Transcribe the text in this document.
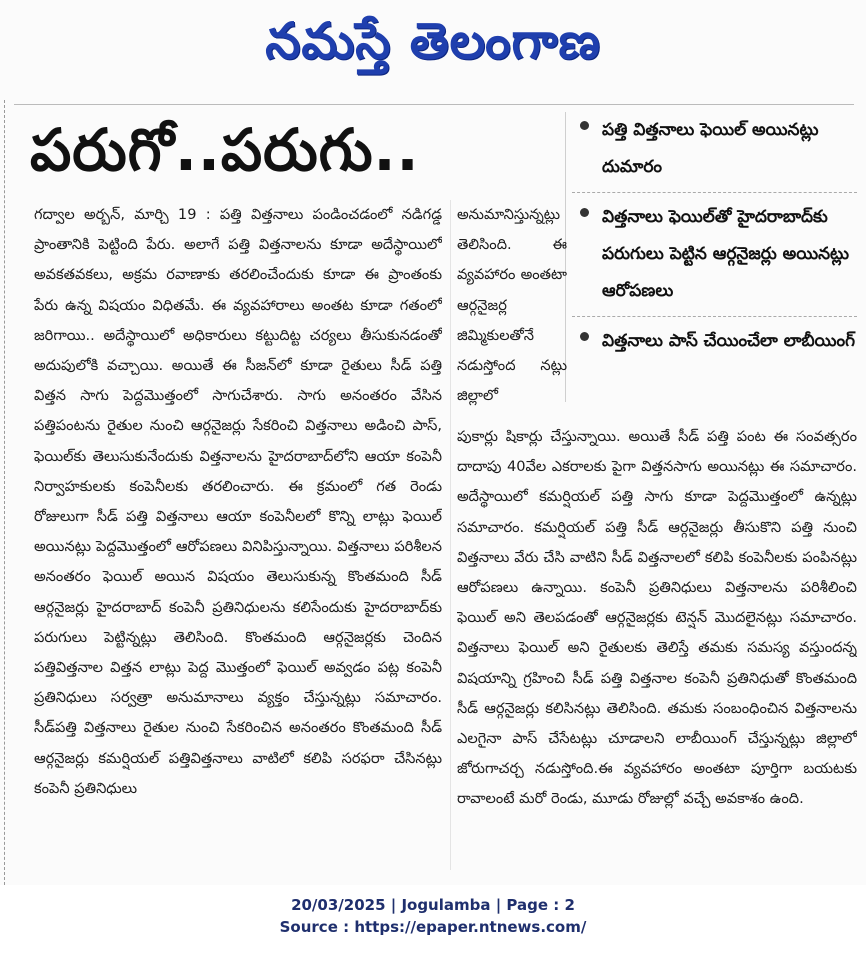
నమస్తే తెలంగాణ
పరుగో..పరుగు..	పత్తి విత్తనాలు ఫెయిల్ అయినట్లు దుమారం
విత్తనాలు ఫెయిల్‌తో హైదరాబాద్‌కు పరుగులు పెట్టిన ఆర్గనైజర్లు అయినట్లు ఆరోపణలు
విత్తనాలు పాస్ చేయించేలా లాబీయింగ్
గద్వాల అర్బన్, మార్చి 19 : పత్తి విత్తనాలు పండించడంలో నడిగడ్డ ప్రాంతానికి పెట్టింది పేరు. అలాగే పత్తి విత్తనాలను కూడా అదేస్థాయిలో అవకతవకలు, అక్రమ రవాణాకు తరలించేందుకు కూడా ఈ ప్రాంతంకు పేరు ఉన్న విషయం విధితమే. ఈ వ్యవహారాలు అంతట కూడా గతంలో జరిగాయి.. అదేస్థాయిలో అధికారులు కట్టుదిట్ట చర్యలు తీసుకునడంతో అదుపులోకి వచ్చాయి. అయితే ఈ సీజన్‌లో కూడా రైతులు సీడ్ పత్తి విత్తన సాగు పెద్దమొత్తంలో సాగుచేశారు. సాగు అనంతరం వేసిన పత్తిపంటను రైతుల నుంచి ఆర్గనైజర్లు సేకరించి విత్తనాలు అడించి పాస్, ఫెయిల్‌కు తెలుసుకునేందుకు విత్తనాలను హైదరాబాద్‌లోని ఆయా కంపెనీ నిర్వాహకులకు కంపెనీలకు తరలించారు. ఈ క్రమంలో గత రెండు రోజులుగా సీడ్ పత్తి విత్తనాలు ఆయా కంపెనీలలో కొన్ని లాట్లు ఫెయిల్ అయినట్లు పెద్దమొత్తంలో ఆరోపణలు వినిపిస్తున్నాయి. విత్తనాలు పరిశీలన అనంతరం ఫెయిల్ అయిన విషయం తెలుసుకున్న కొంతమంది సీడ్ ఆర్గనైజర్లు హైదరాబాద్ కంపెనీ ప్రతినిధులను కలిసేందుకు హైదరాబాద్‌కు పరుగులు పెట్టిన్నట్లు తెలిసింది. కొంతమంది ఆర్గనైజర్లకు చెందిన పత్తివిత్తనాల విత్తన లాట్లు పెద్ద మొత్తంలో ఫెయిల్ అవ్వడం పట్ల కంపెనీ ప్రతినిధులు సర్వత్రా అనుమానాలు వ్యక్తం చేస్తున్నట్లు సమాచారం. సీడ్‌పత్తి విత్తనాలు రైతుల నుంచి సేకరించిన అనంతరం కొంతమంది సీడ్ ఆర్గనైజర్లు కమర్షియల్ పత్తివిత్తనాలు వాటిలో కలిపి సరఫరా చేసినట్లు కంపెనీ ప్రతినిధులు
అనుమానిస్తున్నట్లు తెలిసింది. ఈ వ్యవహారం అంతటా ఆర్గనైజర్ల జిమ్మికులతోనే నడుస్తోంద నట్లు జిల్లాలో
పుకార్లు షికార్లు చేస్తున్నాయి. అయితే సీడ్ పత్తి పంట ఈ సంవత్సరం దాదాపు 40వేల ఎకరాలకు పైగా విత్తనసాగు అయినట్లు ఈ సమాచారం. అదేస్థాయిలో కమర్షియల్ పత్తి సాగు కూడా పెద్దమొత్తంలో ఉన్నట్లు సమాచారం. కమర్షియల్ పత్తి సీడ్ ఆర్గనైజర్లు తీసుకొని పత్తి నుంచి విత్తనాలు వేరు చేసి వాటిని సీడ్ విత్తనాలలో కలిపి కంపెనీలకు పంపినట్లు ఆరోపణలు ఉన్నాయి. కంపెనీ ప్రతినిధులు విత్తనాలను పరిశీలించి ఫెయిల్ అని తెలపడంతో ఆర్గనైజర్లకు టెన్షన్ మొదలైనట్లు సమాచారం. విత్తనాలు ఫెయిల్ అని రైతులకు తెలిస్తే తమకు సమస్య వస్తుందన్న విషయాన్ని గ్రహించి సీడ్ పత్తి విత్తనాల కంపెనీ ప్రతినిధుతో కొంతమంది సీడ్ ఆర్గనైజర్లు కలిసినట్లు తెలిసింది. తమకు సంబంధించిన విత్తనాలను ఎలగైనా పాస్ చేసేటట్లు చూడాలని లాబీయింగ్ చేస్తున్నట్లు జిల్లాలో జోరుగాచర్చ నడుస్తోంది.ఈ వ్యవహారం అంతటా పూర్తిగా బయటకు రావాలంటే మరో రెండు, మూడు రోజుల్లో వచ్చే అవకాశం ఉంది.
20/03/2025 | Jogulamba | Page : 2
Source : https://epaper.ntnews.com/
